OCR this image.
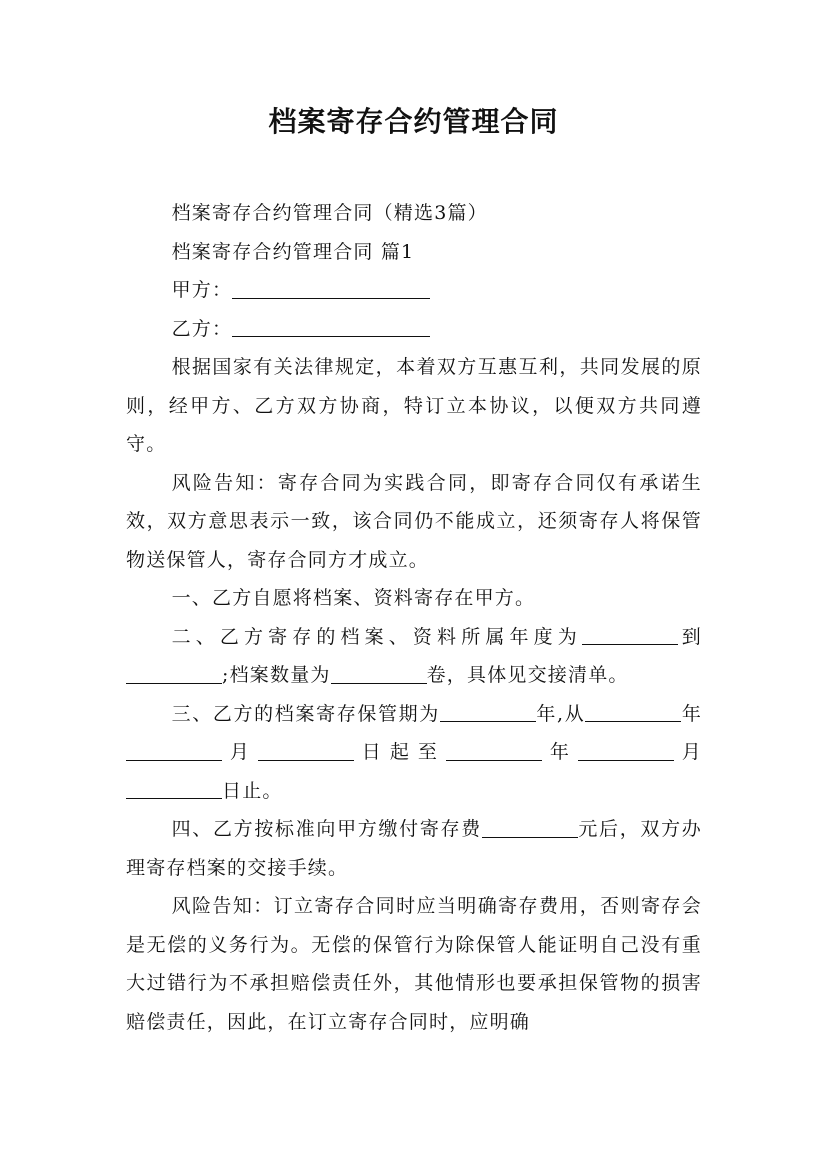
档案寄存合约管理合同

档案寄存合约管理合同（精选3篇）

档案寄存合约管理合同 篇1

甲方：

乙方：

根据国家有关法律规定，本着双方互惠互利，共同发展的原则，经甲方、乙方双方协商，特订立本协议，以便双方共同遵守。

风险告知：寄存合同为实践合同，即寄存合同仅有承诺生效，双方意思表示一致，该合同仍不能成立，还须寄存人将保管物送保管人，寄存合同方才成立。

一、乙方自愿将档案、资料寄存在甲方。

二、乙方寄存的档案、资料所属年度为	到;档案数量为	卷，具体见交接清单。

三、乙方的档案寄存保管期为	年,从	年月	日起至	年	月日止。

四、乙方按标准向甲方缴付寄存费	元后，双方办理寄存档案的交接手续。

风险告知：订立寄存合同时应当明确寄存费用，否则寄存会是无偿的义务行为。无偿的保管行为除保管人能证明自己没有重大过错行为不承担赔偿责任外，其他情形也要承担保管物的损害赔偿责任，因此，在订立寄存合同时，应明确
